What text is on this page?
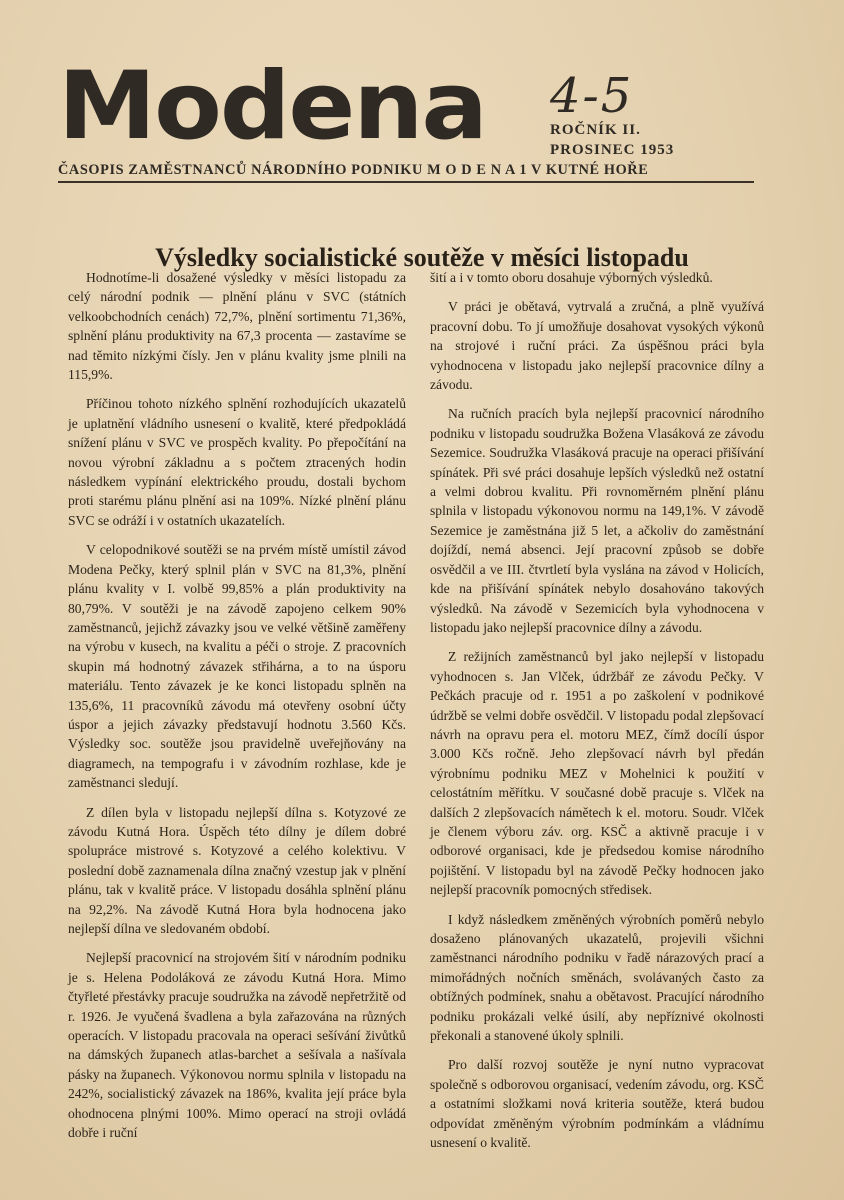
Modena 4-5
ROČNÍK II.
PROSINEC 1953
ČASOPIS ZAMĚSTNANCŮ NÁRODNÍHO PODNIKU M O D E N A 1 V KUTNÉ HOŘE
Výsledky socialistické soutěže v měsíci listopadu

Hodnotíme-li dosažené výsledky v měsíci listopadu za celý národní podnik — plnění plánu v SVC (státních velkoobchodních cenách) 72,7%, plnění sortimentu 71,36%, splnění plánu produktivity na 67,3 procenta — zastavíme se nad těmito nízkými čísly. Jen v plánu kvality jsme plnili na 115,9%.

Příčinou tohoto nízkého splnění rozhodujících ukazatelů je uplatnění vládního usnesení o kvalitě, které předpokládá snížení plánu v SVC ve prospěch kvality. Po přepočítání na novou výrobní základnu a s počtem ztracených hodin následkem vypínání elektrického proudu, dostali bychom proti starému plánu plnění asi na 109%. Nízké plnění plánu SVC se odráží i v ostatních ukazatelích.

V celopodnikové soutěži se na prvém místě umístil závod Modena Pečky, který splnil plán v SVC na 81,3%, plnění plánu kvality v I. volbě 99,85% a plán produktivity na 80,79%. V soutěži je na závodě zapojeno celkem 90% zaměstnanců, jejichž závazky jsou ve velké většině zaměřeny na výrobu v kusech, na kvalitu a péči o stroje. Z pracovních skupin má hodnotný závazek střihárna, a to na úsporu materiálu. Tento závazek je ke konci listopadu splněn na 135,6%, 11 pracovníků závodu má otevřeny osobní účty úspor a jejich závazky představují hodnotu 3.560 Kčs. Výsledky soc. soutěže jsou pravidelně uveřejňovány na diagramech, na tempografu i v závodním rozhlase, kde je zaměstnanci sledují.

Z dílen byla v listopadu nejlepší dílna s. Kotyzové ze závodu Kutná Hora. Úspěch této dílny je dílem dobré spolupráce mistrové s. Kotyzové a celého kolektivu. V poslední době zaznamenala dílna značný vzestup jak v plnění plánu, tak v kvalitě práce. V listopadu dosáhla splnění plánu na 92,2%. Na závodě Kutná Hora byla hodnocena jako nejlepší dílna ve sledovaném období.

Nejlepší pracovnicí na strojovém šití v národním podniku je s. Helena Podoláková ze závodu Kutná Hora. Mimo čtyřleté přestávky pracuje soudružka na závodě nepřetržitě od r. 1926. Je vyučená švadlena a byla zařazována na různých operacích. V listopadu pracovala na operaci sešívání živůtků na dámských županech atlas-barchet a sešívala a našívala pásky na županech. Výkonovou normu splnila v listopadu na 242%, socialistický závazek na 186%, kvalita její práce byla ohodnocena plnými 100%. Mimo operací na stroji ovládá dobře i ruční

šití a i v tomto oboru dosahuje výborných výsledků.

V práci je obětavá, vytrvalá a zručná, a plně využívá pracovní dobu. To jí umožňuje dosahovat vysokých výkonů na strojové i ruční práci. Za úspěšnou práci byla vyhodnocena v listopadu jako nejlepší pracovnice dílny a závodu.

Na ručních pracích byla nejlepší pracovnicí národního podniku v listopadu soudružka Božena Vlasáková ze závodu Sezemice. Soudružka Vlasáková pracuje na operaci přišívání spínátek. Při své práci dosahuje lepších výsledků než ostatní a velmi dobrou kvalitu. Při rovnoměrném plnění plánu splnila v listopadu výkonovou normu na 149,1%. V závodě Sezemice je zaměstnána již 5 let, a ačkoliv do zaměstnání dojíždí, nemá absenci. Její pracovní způsob se dobře osvědčil a ve III. čtvrtletí byla vyslána na závod v Holicích, kde na přišívání spínátek nebylo dosahováno takových výsledků. Na závodě v Sezemicích byla vyhodnocena v listopadu jako nejlepší pracovnice dílny a závodu.

Z režijních zaměstnanců byl jako nejlepší v listopadu vyhodnocen s. Jan Vlček, údržbář ze závodu Pečky. V Pečkách pracuje od r. 1951 a po zaškolení v podnikové údržbě se velmi dobře osvědčil. V listopadu podal zlepšovací návrh na opravu pera el. motoru MEZ, čímž docílí úspor 3.000 Kčs ročně. Jeho zlepšovací návrh byl předán výrobnímu podniku MEZ v Mohelnici k použití v celostátním měřítku. V současné době pracuje s. Vlček na dalších 2 zlepšovacích námětech k el. motoru. Soudr. Vlček je členem výboru záv. org. KSČ a aktivně pracuje i v odborové organisaci, kde je předsedou komise národního pojištění. V listopadu byl na závodě Pečky hodnocen jako nejlepší pracovník pomocných středisek.

I když následkem změněných výrobních poměrů nebylo dosaženo plánovaných ukazatelů, projevili všichni zaměstnanci národního podniku v řadě nárazových prací a mimořádných nočních směnách, svolávaných často za obtížných podmínek, snahu a obětavost. Pracující národního podniku prokázali velké úsilí, aby nepříznivé okolnosti překonali a stanovené úkoly splnili.

Pro další rozvoj soutěže je nyní nutno vypracovat společně s odborovou organisací, vedením závodu, org. KSČ a ostatními složkami nová kriteria soutěže, která budou odpovídat změněným výrobním podmínkám a vládnímu usnesení o kvalitě.
